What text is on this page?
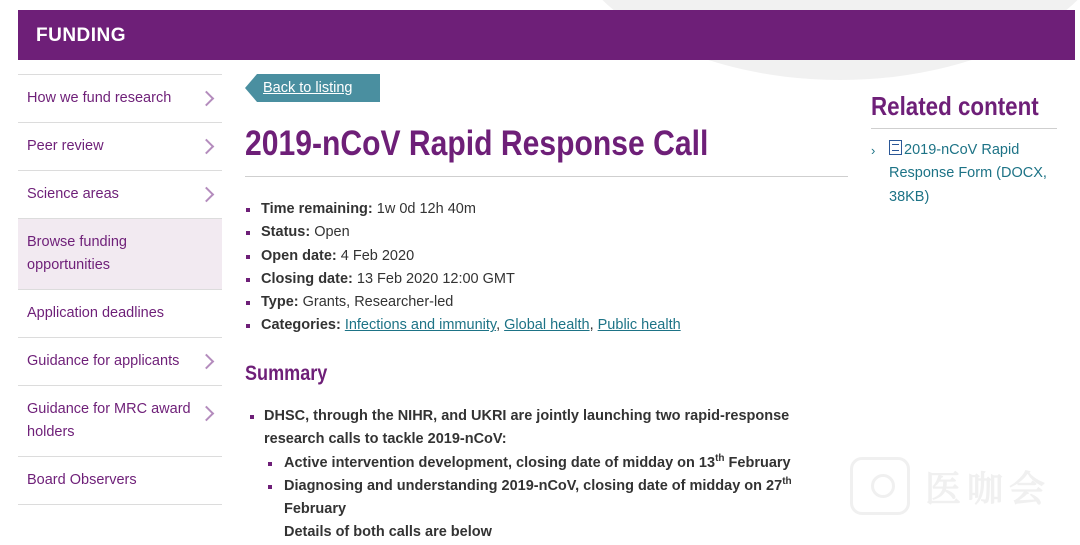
FUNDING
How we fund research
Peer review
Science areas
Browse funding opportunities
Application deadlines
Guidance for applicants
Guidance for MRC award holders
Board Observers
Back to listing
2019-nCoV Rapid Response Call
Time remaining: 1w 0d 12h 40m
Status: Open
Open date: 4 Feb 2020
Closing date: 13 Feb 2020 12:00 GMT
Type: Grants, Researcher-led
Categories: Infections and immunity, Global health, Public health
Summary
DHSC, through the NIHR, and UKRI are jointly launching two rapid-response
research calls to tackle 2019-nCoV:
Active intervention development, closing date of midday on 13th February
Diagnosing and understanding 2019-nCoV, closing date of midday on 27th
February
Details of both calls are below
Related content
› 2019-nCoV Rapid
Response Form (DOCX,
38KB)
医咖会
